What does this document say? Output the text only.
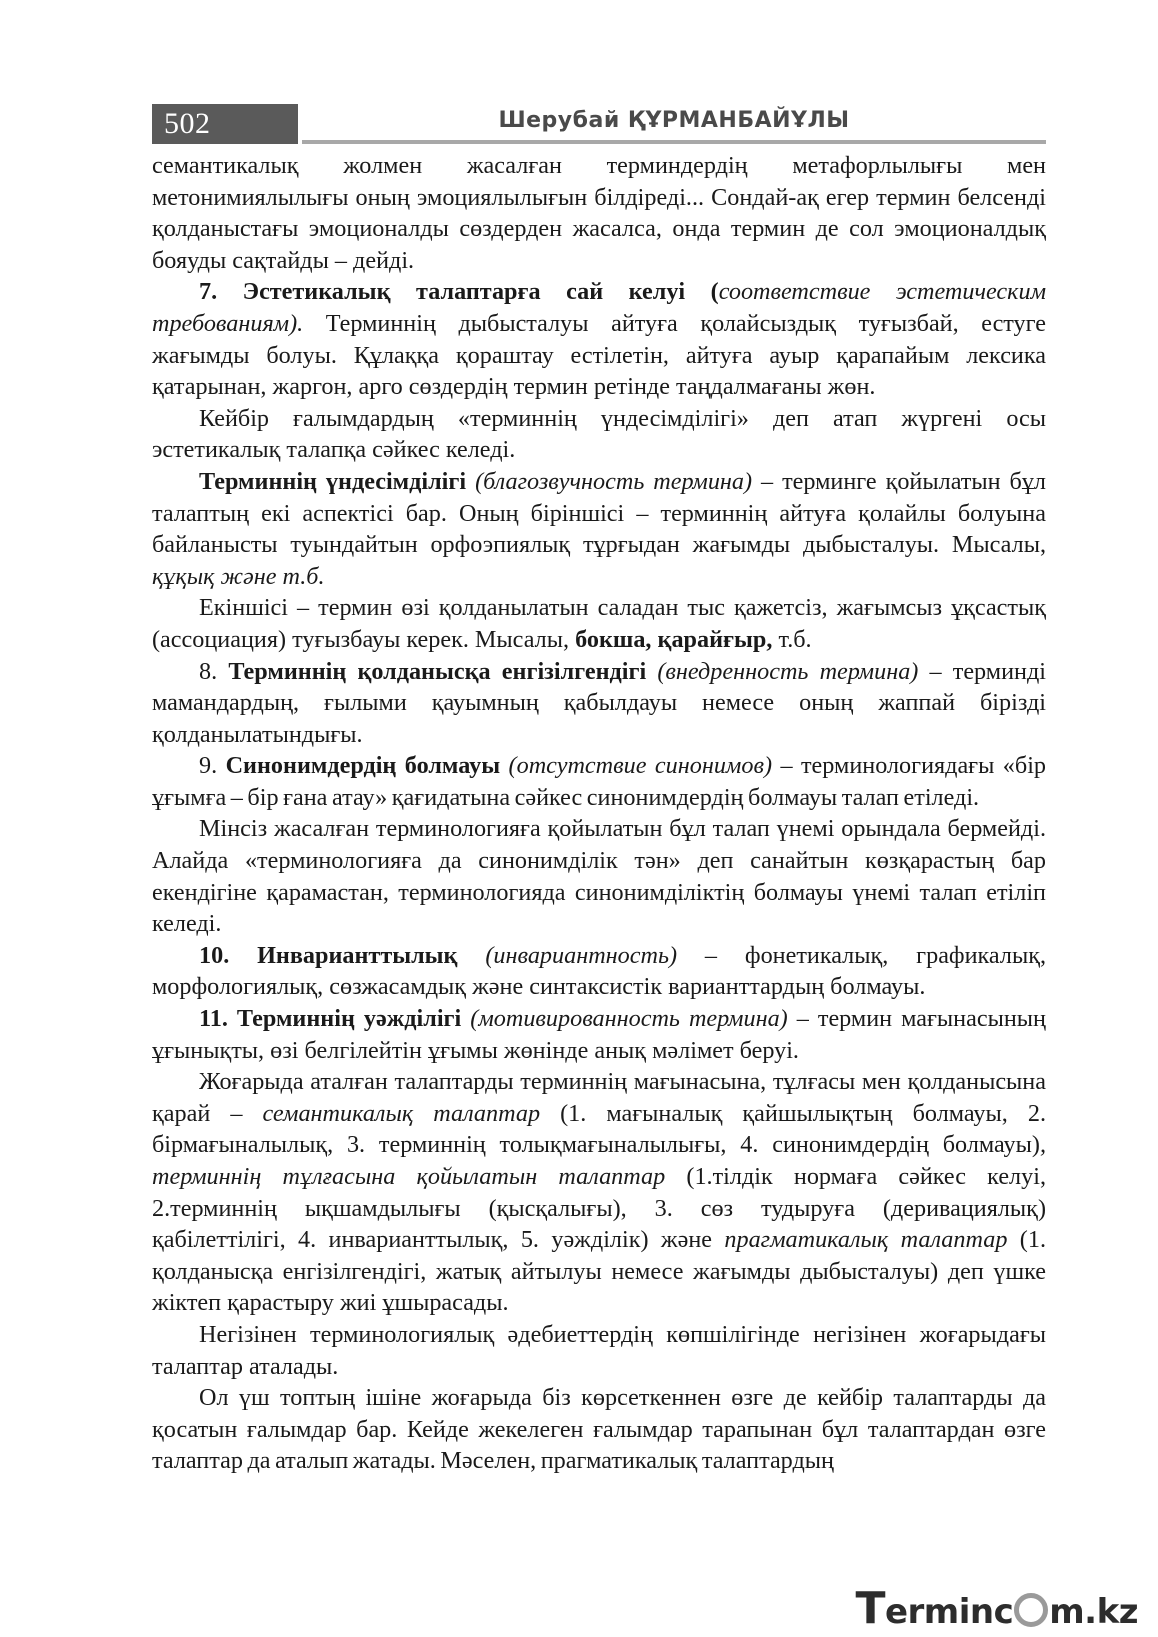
502	Шерубай ҚҰРМАНБАЙҰЛЫ

семантикалық жолмен жасалған терминдердің метафорлылығы мен метонимиялылығы оның эмоциялылығын білдіреді... Сондай-ақ егер термин белсенді қолданыстағы эмоционалды сөздерден жасалса, онда термин де сол эмоционалдық бояуды сақтайды – дейді.

7. Эстетикалық талаптарға сай келуі (соответствие эстетическим требованиям). Терминнің дыбысталуы айтуға қолайсыздық туғызбай, естуге жағымды болуы. Құлаққа қораштау естілетін, айтуға ауыр қарапайым лексика қатарынан, жаргон, арго сөздердің термин ретінде таңдалмағаны жөн.

Кейбір ғалымдардың «терминнің үндесімділігі» деп атап жүргені осы эстетикалық талапқа сәйкес келеді.

Терминнің үндесімділігі (благозвучность термина) – терминге қойылатын бұл талаптың екі аспектісі бар. Оның біріншісі – терминнің айтуға қолайлы болуына байланысты туындайтын орфоэпиялық тұрғыдан жағымды дыбысталуы. Мысалы, құқық және т.б.

Екіншісі – термин өзі қолданылатын саладан тыс қажетсіз, жағымсыз ұқсастық (ассоциация) туғызбауы керек. Мысалы, бокша, қарайғыр, т.б.

8. Терминнің қолданысқа енгізілгендігі (внедренность термина) – терминді мамандардың, ғылыми қауымның қабылдауы немесе оның жаппай бірізді қолданылатындығы.

9. Синонимдердің болмауы (отсутствие синонимов) – терминологиядағы «бір ұғымға – бір ғана атау» қағидатына сәйкес синонимдердің болмауы талап етіледі.

Мінсіз жасалған терминологияға қойылатын бұл талап үнемі орындала бермейді. Алайда «терминологияға да синонимділік тән» деп санайтын көзқарастың бар екендігіне қарамастан, терминологияда синонимділіктің болмауы үнемі талап етіліп келеді.

10. Инварианттылық (инвариантность) – фонетикалық, графикалық, морфологиялық, сөзжасамдық және синтаксистік варианттардың болмауы.

11. Терминнің уәжділігі (мотивированность термина) – термин мағынасының ұғынықты, өзі белгілейтін ұғымы жөнінде анық мәлімет беруі.

Жоғарыда аталған талаптарды терминнің мағынасына, тұлғасы мен қолданысына қарай – семантикалық талаптар (1. мағыналық қайшылықтың болмауы, 2. бірмағыналылық, 3. терминнің толықмағыналылығы, 4. синонимдердің болмауы), терминнің тұлғасына қойылатын талаптар (1.тілдік нормаға сәйкес келуі, 2.терминнің ықшамдылығы (қысқалығы), 3. сөз тудыруға (деривациялық) қабілеттілігі, 4. инварианттылық, 5. уәжділік) және прагматикалық талаптар (1. қолданысқа енгізілгендігі, жатық айтылуы немесе жағымды дыбысталуы) деп үшке жіктеп қарастыру жиі ұшырасады.

Негізінен терминологиялық әдебиеттердің көпшілігінде негізінен жоғарыдағы талаптар аталады.

Ол үш топтың ішіне жоғарыда біз көрсеткеннен өзге де кейбір талаптарды да қосатын ғалымдар бар. Кейде жекелеген ғалымдар тарапынан бұл талаптардан өзге талаптар да аталып жатады. Мәселен, прагматикалық талаптардың

Terminc m.kz
